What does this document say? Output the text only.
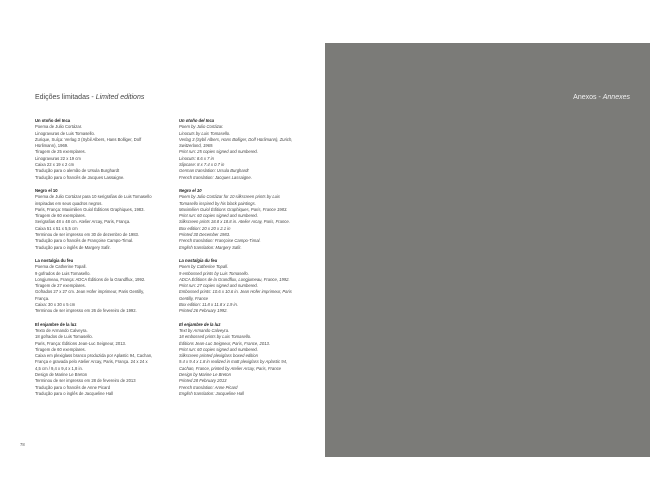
Edições limitadas - Limited editions
Un otoño del Inca
Poema de Julio Cortázar.
Linogravuras de Luis Tomasello.
Zurique, Suíça: Verlag 3 (Sybil Albers, Hans Bolliger, Dolf
Hürlimann), 1969.
Tiragem de 25 exemplares.
Linogravuras 22 x 19 cm
Caixa 22 x 19 x 2 cm
Tradução para o alemão de Ursula Burghardt
Tradução para o francês de Jacques Lassaigne.
Negro el 10
Poema de Julio Cortázar para 10 serigrafias de Luis Tomasello
inspiradas em seus quadros negros.
Paris, França: Maximilien Guiol Éditions Graphiques, 1983.
Tiragem de 60 exemplares.
Serigrafias 48 x 48 cm. Atelier Arcay, Paris, França.
Caixa 51 x 51 x 5,5 cm
Terminou de ser impresso em 30 de dezembro de 1983.
Tradução para o francês de Françoise Campo-Timal.
Tradução para o inglês de Margery Safir.
La nostalgia du feu
Poema de Catherine Topall.
9 gofrados de Luis Tomasello.
Longjumeau, França: ADCA Éditions de la Grandflux, 1992.
Tiragem de 27 exemplares.
Gofrados 27 x 27 cm. Jean Hofer imprimeur, Paris Gentilly,
França.
Caixa: 30 x 30 x 5 cm
Terminou de ser impresso em 26 de fevereiro de 1992.
El enjambre de la luz
Texto de Armando Calveyra.
18 gofrados de Luis Tomasello.
Paris, França: Éditions Jean-Luc Seigneur, 2013.
Tiragem de 60 exemplares.
Caixa em plexiglass branco produzida por Aplastic 94, Cachan,
França e gravada pelo Atelier Arcay, Paris, França. 24 x 24 x
4,5 cm / 9,4 x 9,4 x 1,8 in.
Design de Marine Le Breton
Terminou de ser impresso em 28 de fevereiro de 2013
Tradução para o francês de Anne Picard
Tradução para o inglês de Jacqueline Hall
Un otoño del Inca
Poem by Julio Cortázar.
Linocuts by Luis Tomasello.
Verlag 3 (Sybil Albers, Hans Bolliger, Dolf Hürlimann), Zurich,
Switzerland, 1969.
Print run: 25 copies signed and numbered.
Linocuts: 8.6 x 7 in
Slipcase: 8 x 7.4 x 0.7 in
German translation: Ursula Burghardt
French translation: Jacques Lassaigne.
Negro el 10
Poem by Julio Cortázar for 10 silkscreen prints by Luis
Tomasello inspired by his black paintings.
Maximilien Guiol Éditions Graphiques, Paris, France 1983.
Print run: 60 copies signed and numbered.
Silkscreen prints 18.8 x 18.8 in. Atelier Arcay, Paris, France.
Box edition: 20 x 20 x 2.1 in
Printed 30 December 1983.
French translation: Françoise Campo-Timal.
English translation: Margery Safir.
La nostalgia du feu
Poem by Catherine Topall.
9 embossed prints by Luis Tomasello.
ADCA Éditions de la Grandflux, Longjumeau, France, 1992.
Print run: 27 copies signed and numbered.
Embossed prints: 10.6 x 10.6 in. Jean Hofer imprimeur, Paris
Gentilly, France
Box edition: 11.8 x 11.8 x 1.9 in.
Printed 26 February 1992.
El enjambre de la luz
Text by Armando Calveyra.
18 embossed prints by Luis Tomasello.
Éditions Jean-Luc Seigneur, Paris, France, 2013.
Print run: 60 copies signed and numbered.
Silkscreen printed plexiglass boxed edition
9.4 x 9.4 x 1.8 in realized in matt plexiglass by Aplastic 94,
Cachan, France, printed by Atelier Arcay, Paris, France
Design by Marine Le Breton
Printed 28 February 2013
French translation: Anne Picard
English translation: Jacqueline Hall
78
Anexos - Annexes
